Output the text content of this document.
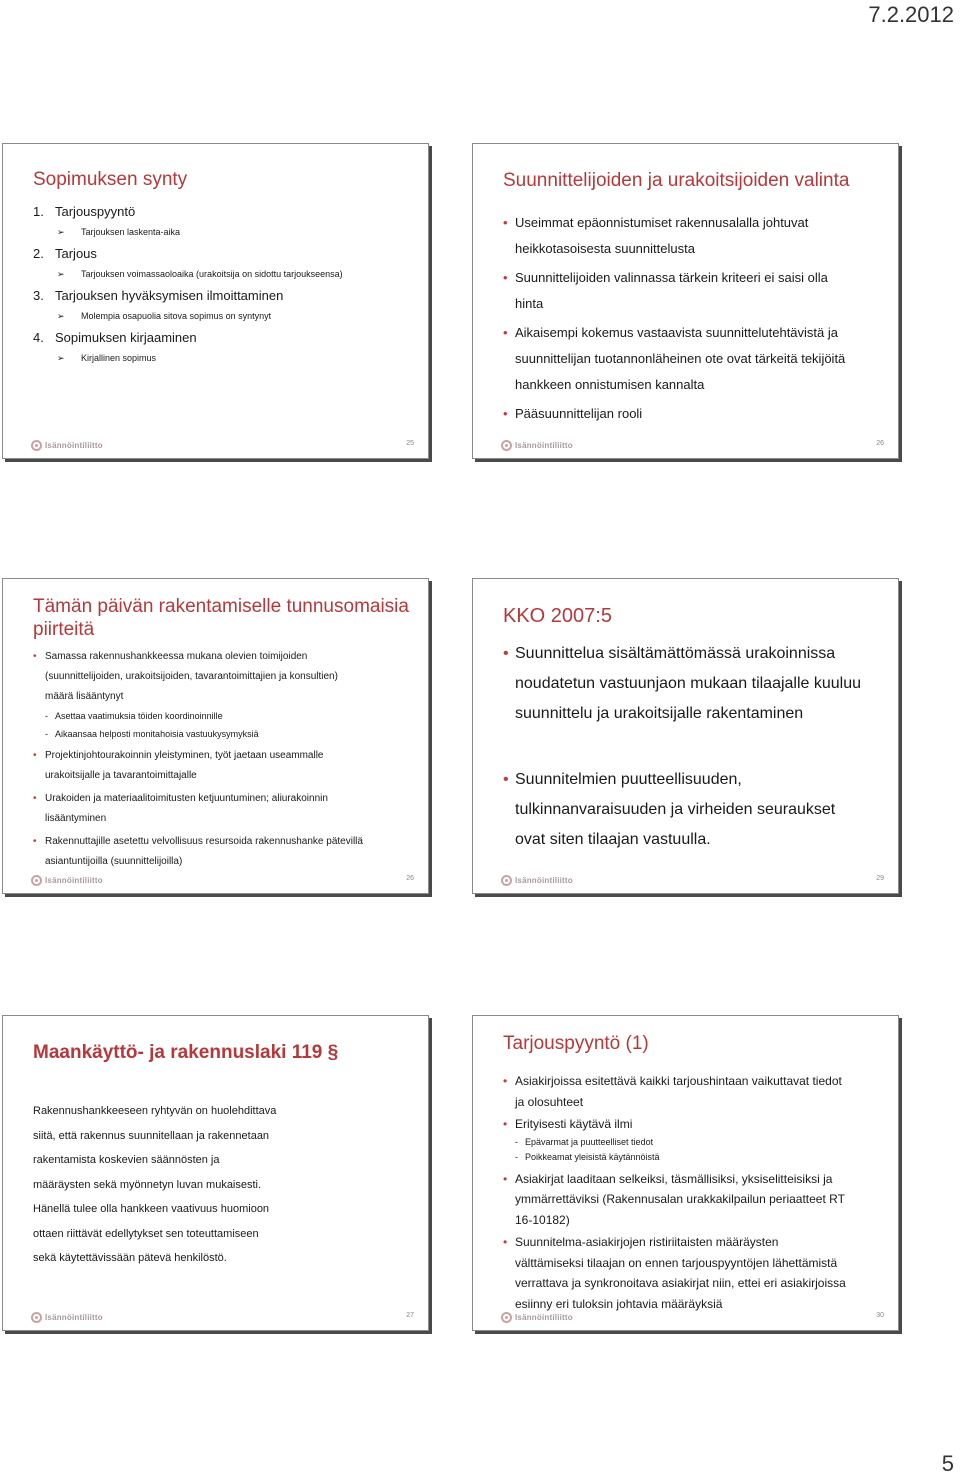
7.2.2012
Sopimuksen synty
1. Tarjouspyyntö
➢	Tarjouksen laskenta-aika
2. Tarjous
➢	Tarjouksen voimassaoloaika (urakoitsija on sidottu tarjoukseensa)
3. Tarjouksen hyväksymisen ilmoittaminen
➢	Molempia osapuolia sitova sopimus on syntynyt
4. Sopimuksen kirjaaminen
➢	Kirjallinen sopimus
Isännöintiliitto	25
Suunnittelijoiden ja urakoitsijoiden valinta
• Useimmat epäonnistumiset rakennusalalla johtuvat
heikkotasoisesta suunnittelusta
• Suunnittelijoiden valinnassa tärkein kriteeri ei saisi olla
hinta
• Aikaisempi kokemus vastaavista suunnittelutehtävistä ja
suunnittelijan tuotannonläheinen ote ovat tärkeitä tekijöitä
hankkeen onnistumisen kannalta
• Pääsuunnittelijan rooli
Isännöintiliitto	26
Tämän päivän rakentamiselle tunnusomaisia
piirteitä
• Samassa rakennushankkeessa mukana olevien toimijoiden
(suunnittelijoiden, urakoitsijoiden, tavarantoimittajien ja konsultien)
määrä lisääntynyt
- Asettaa vaatimuksia töiden koordinoinnille
- Aikaansaa helposti monitahoisia vastuukysymyksiä
• Projektinjohtourakoinnin yleistyminen, työt jaetaan useammalle
urakoitsijalle ja tavarantoimittajalle
• Urakoiden ja materiaalitoimitusten ketjuuntuminen; aliurakoinnin
lisääntyminen
• Rakennuttajille asetettu velvollisuus resursoida rakennushanke pätevillä
asiantuntijoilla (suunnittelijoilla)
Isännöintiliitto	26
KKO 2007:5
• Suunnittelua sisältämättömässä urakoinnissa
noudatetun vastuunjaon mukaan tilaajalle kuuluu
suunnittelu ja urakoitsijalle rakentaminen
• Suunnitelmien puutteellisuuden,
tulkinnanvaraisuuden ja virheiden seuraukset
ovat siten tilaajan vastuulla.
Isännöintiliitto	29
Maankäyttö- ja rakennuslaki 119 §
Rakennushankkeeseen ryhtyvän on huolehdittava
siitä, että rakennus suunnitellaan ja rakennetaan
rakentamista koskevien säännösten ja
määräysten sekä myönnetyn luvan mukaisesti.
Hänellä tulee olla hankkeen vaativuus huomioon
ottaen riittävät edellytykset sen toteuttamiseen
sekä käytettävissään pätevä henkilöstö.
Isännöintiliitto	27
Tarjouspyyntö (1)
• Asiakirjoissa esitettävä kaikki tarjoushintaan vaikuttavat tiedot
ja olosuhteet
• Erityisesti käytävä ilmi
- Epävarmat ja puutteelliset tiedot
- Poikkeamat yleisistä käytännöistä
• Asiakirjat laaditaan selkeiksi, täsmällisiksi, yksiselitteisiksi ja
ymmärrettäviksi (Rakennusalan urakkakilpailun periaatteet RT
16-10182)
• Suunnitelma-asiakirjojen ristiriitaisten määräysten
välttämiseksi tilaajan on ennen tarjouspyyntöjen lähettämistä
verrattava ja synkronoitava asiakirjat niin, ettei eri asiakirjoissa
esiinny eri tuloksin johtavia määräyksiä
Isännöintiliitto	30
5
